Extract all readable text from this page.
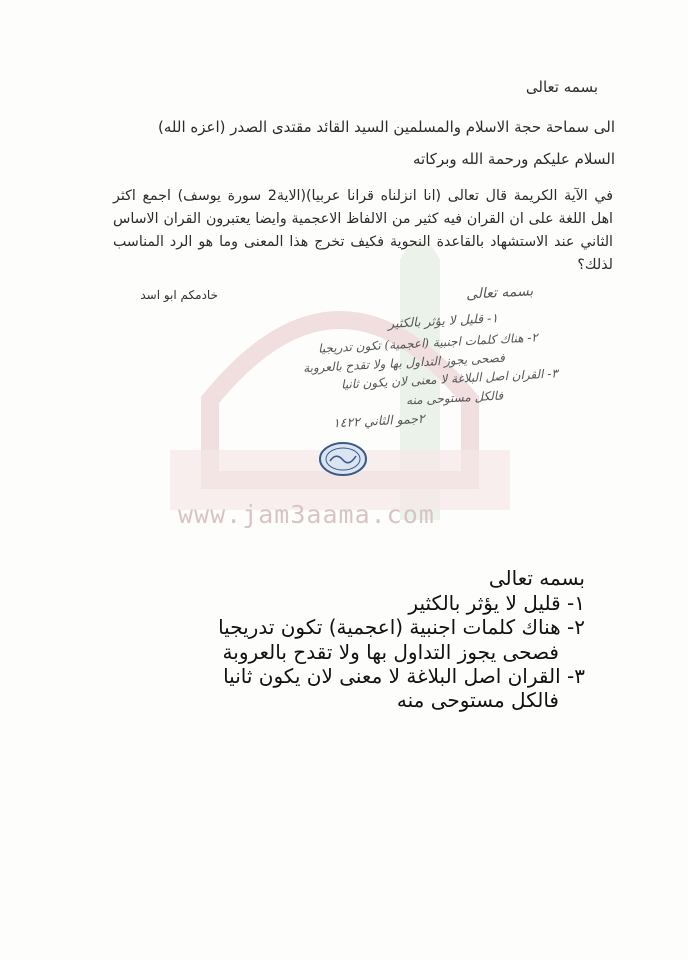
www.jam3aama.com
بسمه تعالى
الى سماحة حجة الاسلام والمسلمين السيد القائد مقتدى الصدر (اعزه الله)
السلام عليكم ورحمة الله وبركاته
في الآية الكريمة قال تعالى (انا انزلناه قرانا عربيا)(الاية2 سورة يوسف) اجمع اكثر اهل اللغة على ان القران فيه كثير من الالفاظ الاعجمية وايضا يعتبرون القران الاساس الثاني عند الاستشهاد بالقاعدة النحوية فكيف تخرج هذا المعنى وما هو الرد المناسب لذلك؟
خادمكم ابو اسد	بسمه تعالى
١- قليل لا يؤثر بالكثير
٢- هناك كلمات اجنبية (اعجمية) تكون تدريجيا
فصحى يجوز التداول بها ولا تقدح بالعروبة
٣- القران اصل البلاغة لا معنى لان يكون ثانيا
فالكل مستوحى منه
٢جمو الثاني ١٤٢٢
بسمه تعالى
١- قليل لا يؤثر بالكثير
٢- هناك كلمات اجنبية (اعجمية) تكون تدريجيا
فصحى يجوز التداول بها ولا تقدح بالعروبة
٣- القران اصل البلاغة لا معنى لان يكون ثانيا
فالكل مستوحى منه
